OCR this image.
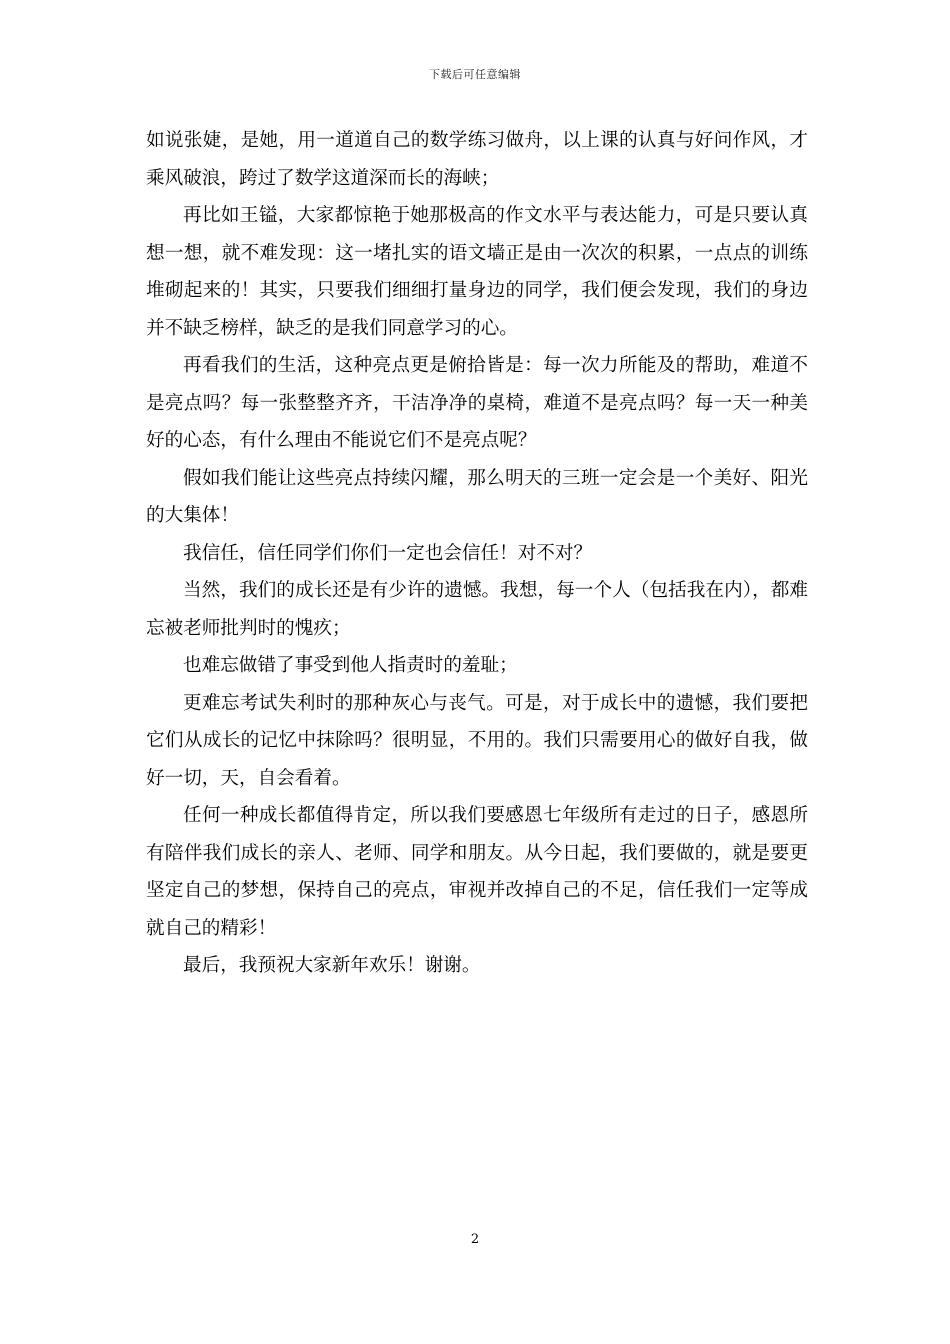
下载后可任意编辑

如说张婕，是她，用一道道自己的数学练习做舟，以上课的认真与好问作风，才乘风破浪，跨过了数学这道深而长的海峡；

再比如王镒，大家都惊艳于她那极高的作文水平与表达能力，可是只要认真想一想，就不难发现：这一堵扎实的语文墙正是由一次次的积累，一点点的训练堆砌起来的！其实，只要我们细细打量身边的同学，我们便会发现，我们的身边并不缺乏榜样，缺乏的是我们同意学习的心。

再看我们的生活，这种亮点更是俯拾皆是：每一次力所能及的帮助，难道不是亮点吗？每一张整整齐齐，干洁净净的桌椅，难道不是亮点吗？每一天一种美好的心态，有什么理由不能说它们不是亮点呢？

假如我们能让这些亮点持续闪耀，那么明天的三班一定会是一个美好、阳光的大集体！

我信任，信任同学们你们一定也会信任！对不对？

当然，我们的成长还是有少许的遗憾。我想，每一个人（包括我在内），都难忘被老师批判时的愧疚；

也难忘做错了事受到他人指责时的羞耻；

更难忘考试失利时的那种灰心与丧气。可是，对于成长中的遗憾，我们要把它们从成长的记忆中抹除吗？很明显，不用的。我们只需要用心的做好自我，做好一切，天，自会看着。

任何一种成长都值得肯定，所以我们要感恩七年级所有走过的日子，感恩所有陪伴我们成长的亲人、老师、同学和朋友。从今日起，我们要做的，就是要更坚定自己的梦想，保持自己的亮点，审视并改掉自己的不足，信任我们一定等成就自己的精彩！

最后，我预祝大家新年欢乐！谢谢。

2
